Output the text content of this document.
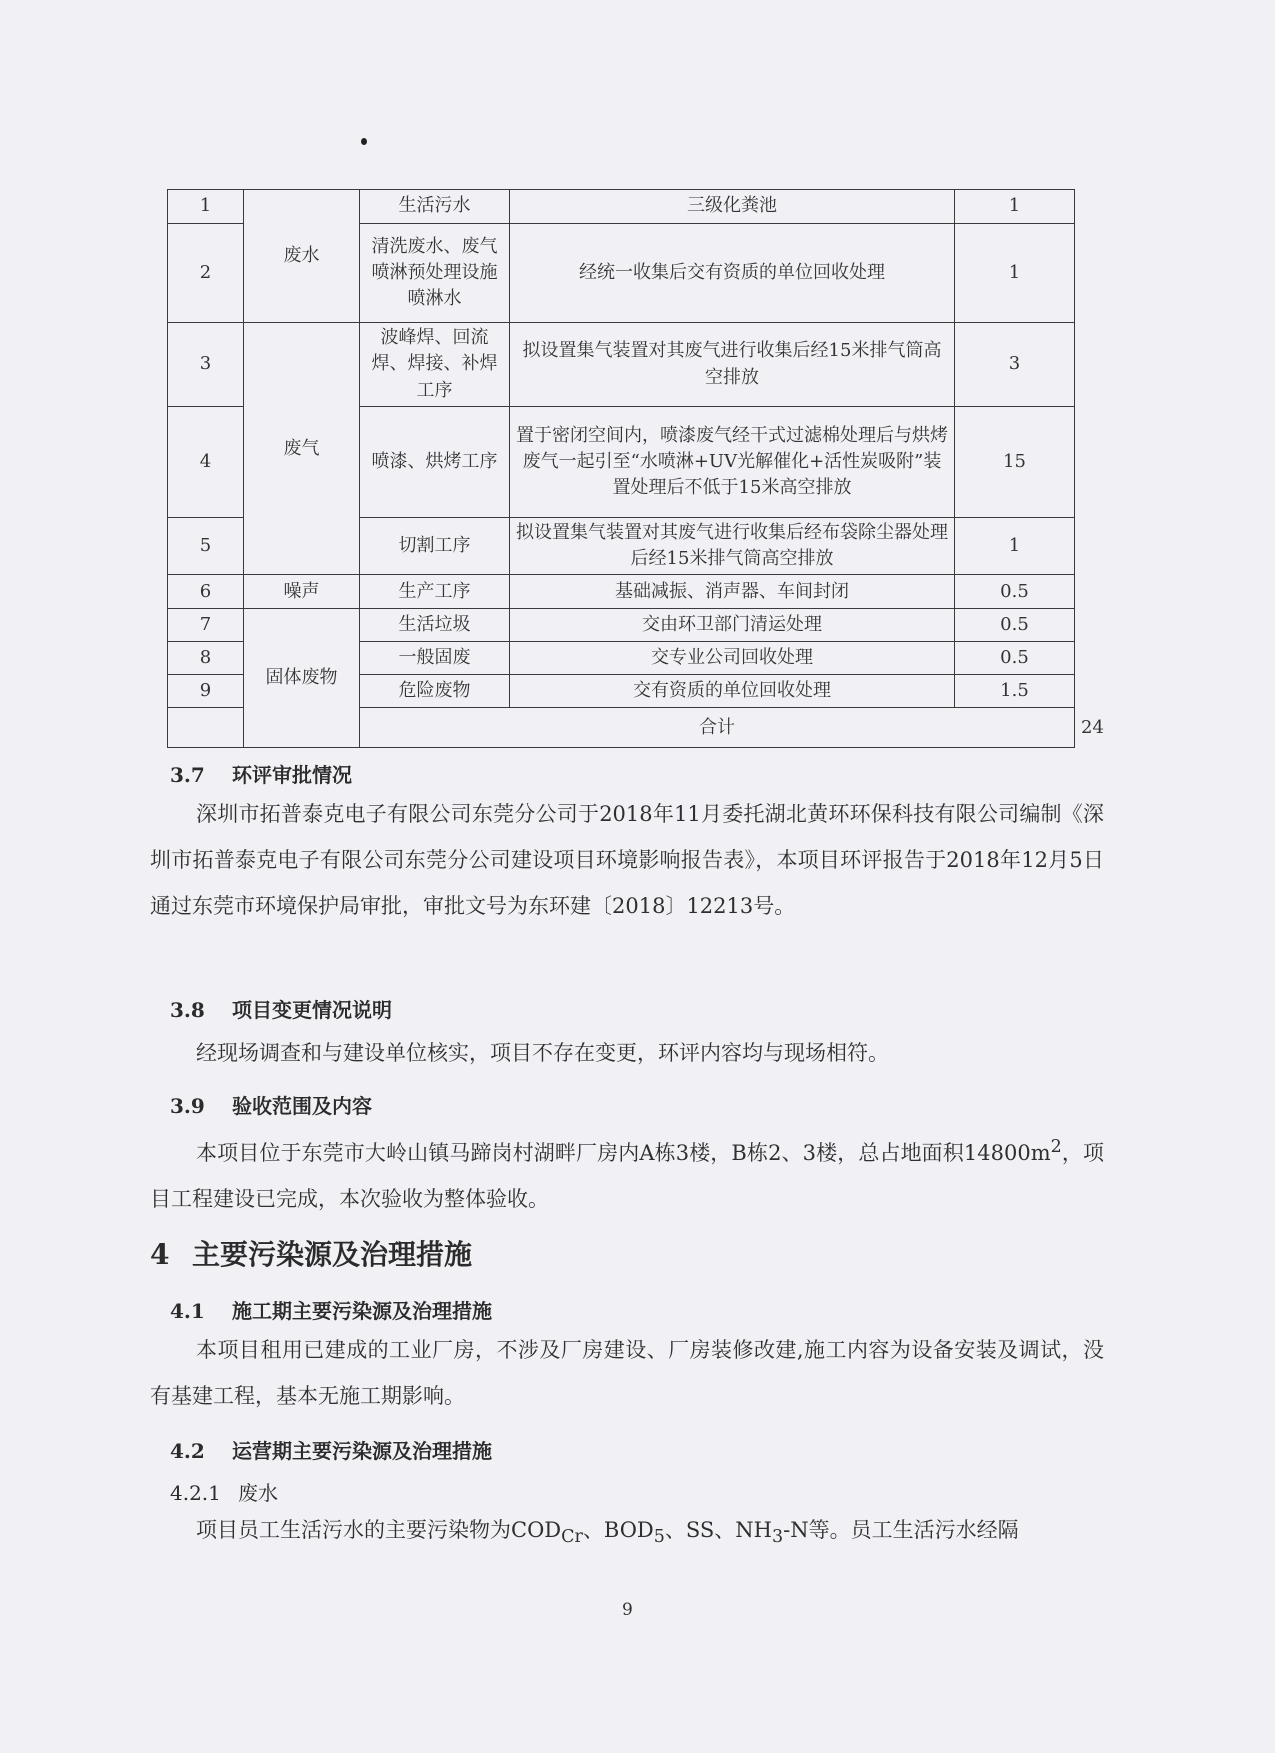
1	废水	生活污水	三级化粪池	1	
2		清洗废水、废气喷淋预处理设施喷淋水	经统一收集后交有资质的单位回收处理	1	
3	废气	波峰焊、回流焊、焊接、补焊工序	拟设置集气装置对其废气进行收集后经15米排气筒高空排放	3	
4		喷漆、烘烤工序	置于密闭空间内，喷漆废气经干式过滤棉处理后与烘烤废气一起引至“水喷淋+UV光解催化+活性炭吸附”装置处理后不低于15米高空排放	15	
5		切割工序	拟设置集气装置对其废气进行收集后经布袋除尘器处理后经15米排气筒高空排放	1	
6	噪声	生产工序	基础减振、消声器、车间封闭	0.5	
7	固体废物	生活垃圾	交由环卫部门清运处理	0.5	
8		一般固废	交专业公司回收处理	0.5	
9		危险废物	交有资质的单位回收处理	1.5	
		合计			24
3.7 环评审批情况

深圳市拓普泰克电子有限公司东莞分公司于2018年11月委托湖北黄环环保科技有限公司编制《深圳市拓普泰克电子有限公司东莞分公司建设项目环境影响报告表》，本项目环评报告于2018年12月5日通过东莞市环境保护局审批，审批文号为东环建〔2018〕12213号。

3.8 项目变更情况说明

经现场调查和与建设单位核实，项目不存在变更，环评内容均与现场相符。

3.9 验收范围及内容

本项目位于东莞市大岭山镇马蹄岗村湖畔厂房内A栋3楼，B栋2、3楼，总占地面积$14800m^2$，项目工程建设已完成，本次验收为整体验收。

4 主要污染源及治理措施
4.1 施工期主要污染源及治理措施

本项目租用已建成的工业厂房，不涉及厂房建设、厂房装修改建,施工内容为设备安装及调试，没有基建工程，基本无施工期影响。

4.2 运营期主要污染源及治理措施
4.2.1 废水

项目员工生活污水的主要污染物为$COD_{Cr}$、$BOD_5$、SS、$NH_3-N$等。员工生活污水经隔

9
